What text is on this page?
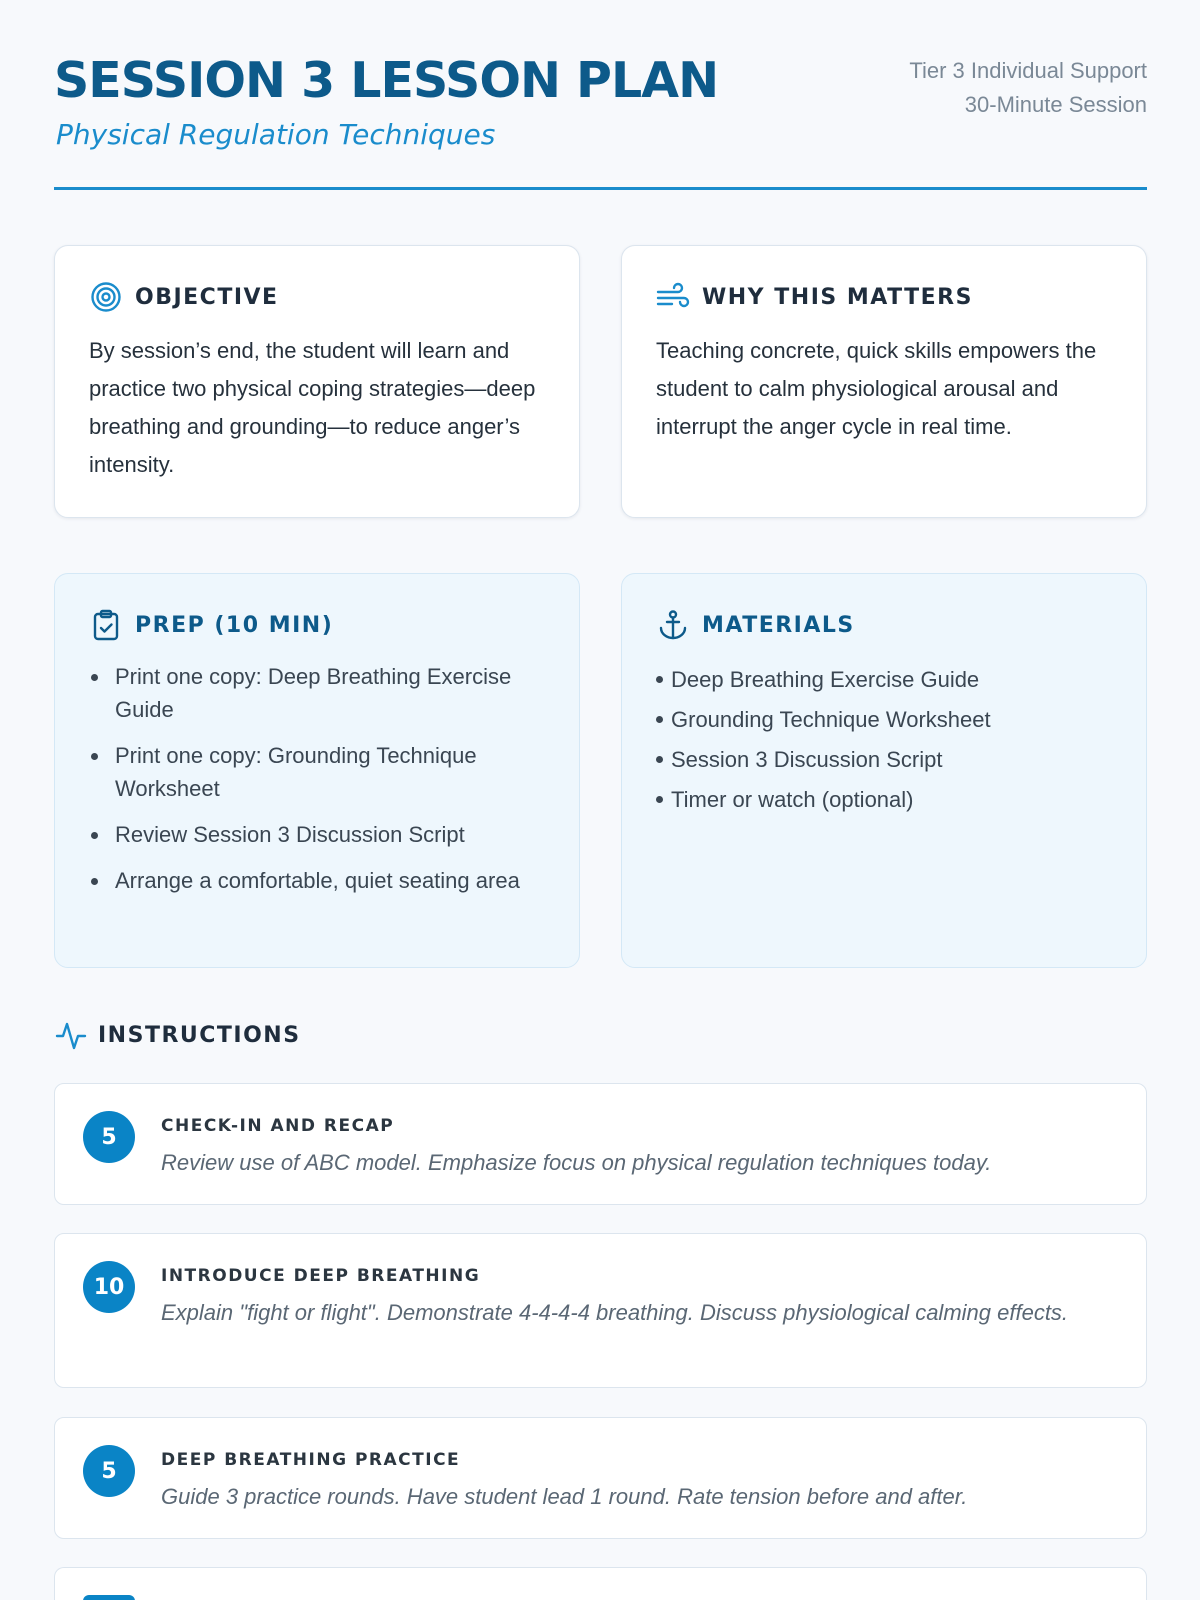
SESSION 3 LESSON PLAN
Physical Regulation Techniques
Tier 3 Individual Support
30-Minute Session
OBJECTIVE
By session’s end, the student will learn and practice two physical coping strategies—deep breathing and grounding—to reduce anger’s intensity.
WHY THIS MATTERS
Teaching concrete, quick skills empowers the student to calm physiological arousal and interrupt the anger cycle in real time.
PREP (10 MIN)
Print one copy: Deep Breathing Exercise Guide
Print one copy: Grounding Technique Worksheet
Review Session 3 Discussion Script
Arrange a comfortable, quiet seating area
MATERIALS
Deep Breathing Exercise Guide
Grounding Technique Worksheet
Session 3 Discussion Script
Timer or watch (optional)
INSTRUCTIONS
5	CHECK-IN AND RECAP
Review use of ABC model. Emphasize focus on physical regulation techniques today.
10	INTRODUCE DEEP BREATHING
Explain "fight or flight". Demonstrate 4-4-4-4 breathing. Discuss physiological calming effects.
5	DEEP BREATHING PRACTICE
Guide 3 practice rounds. Have student lead 1 round. Rate tension before and after.
